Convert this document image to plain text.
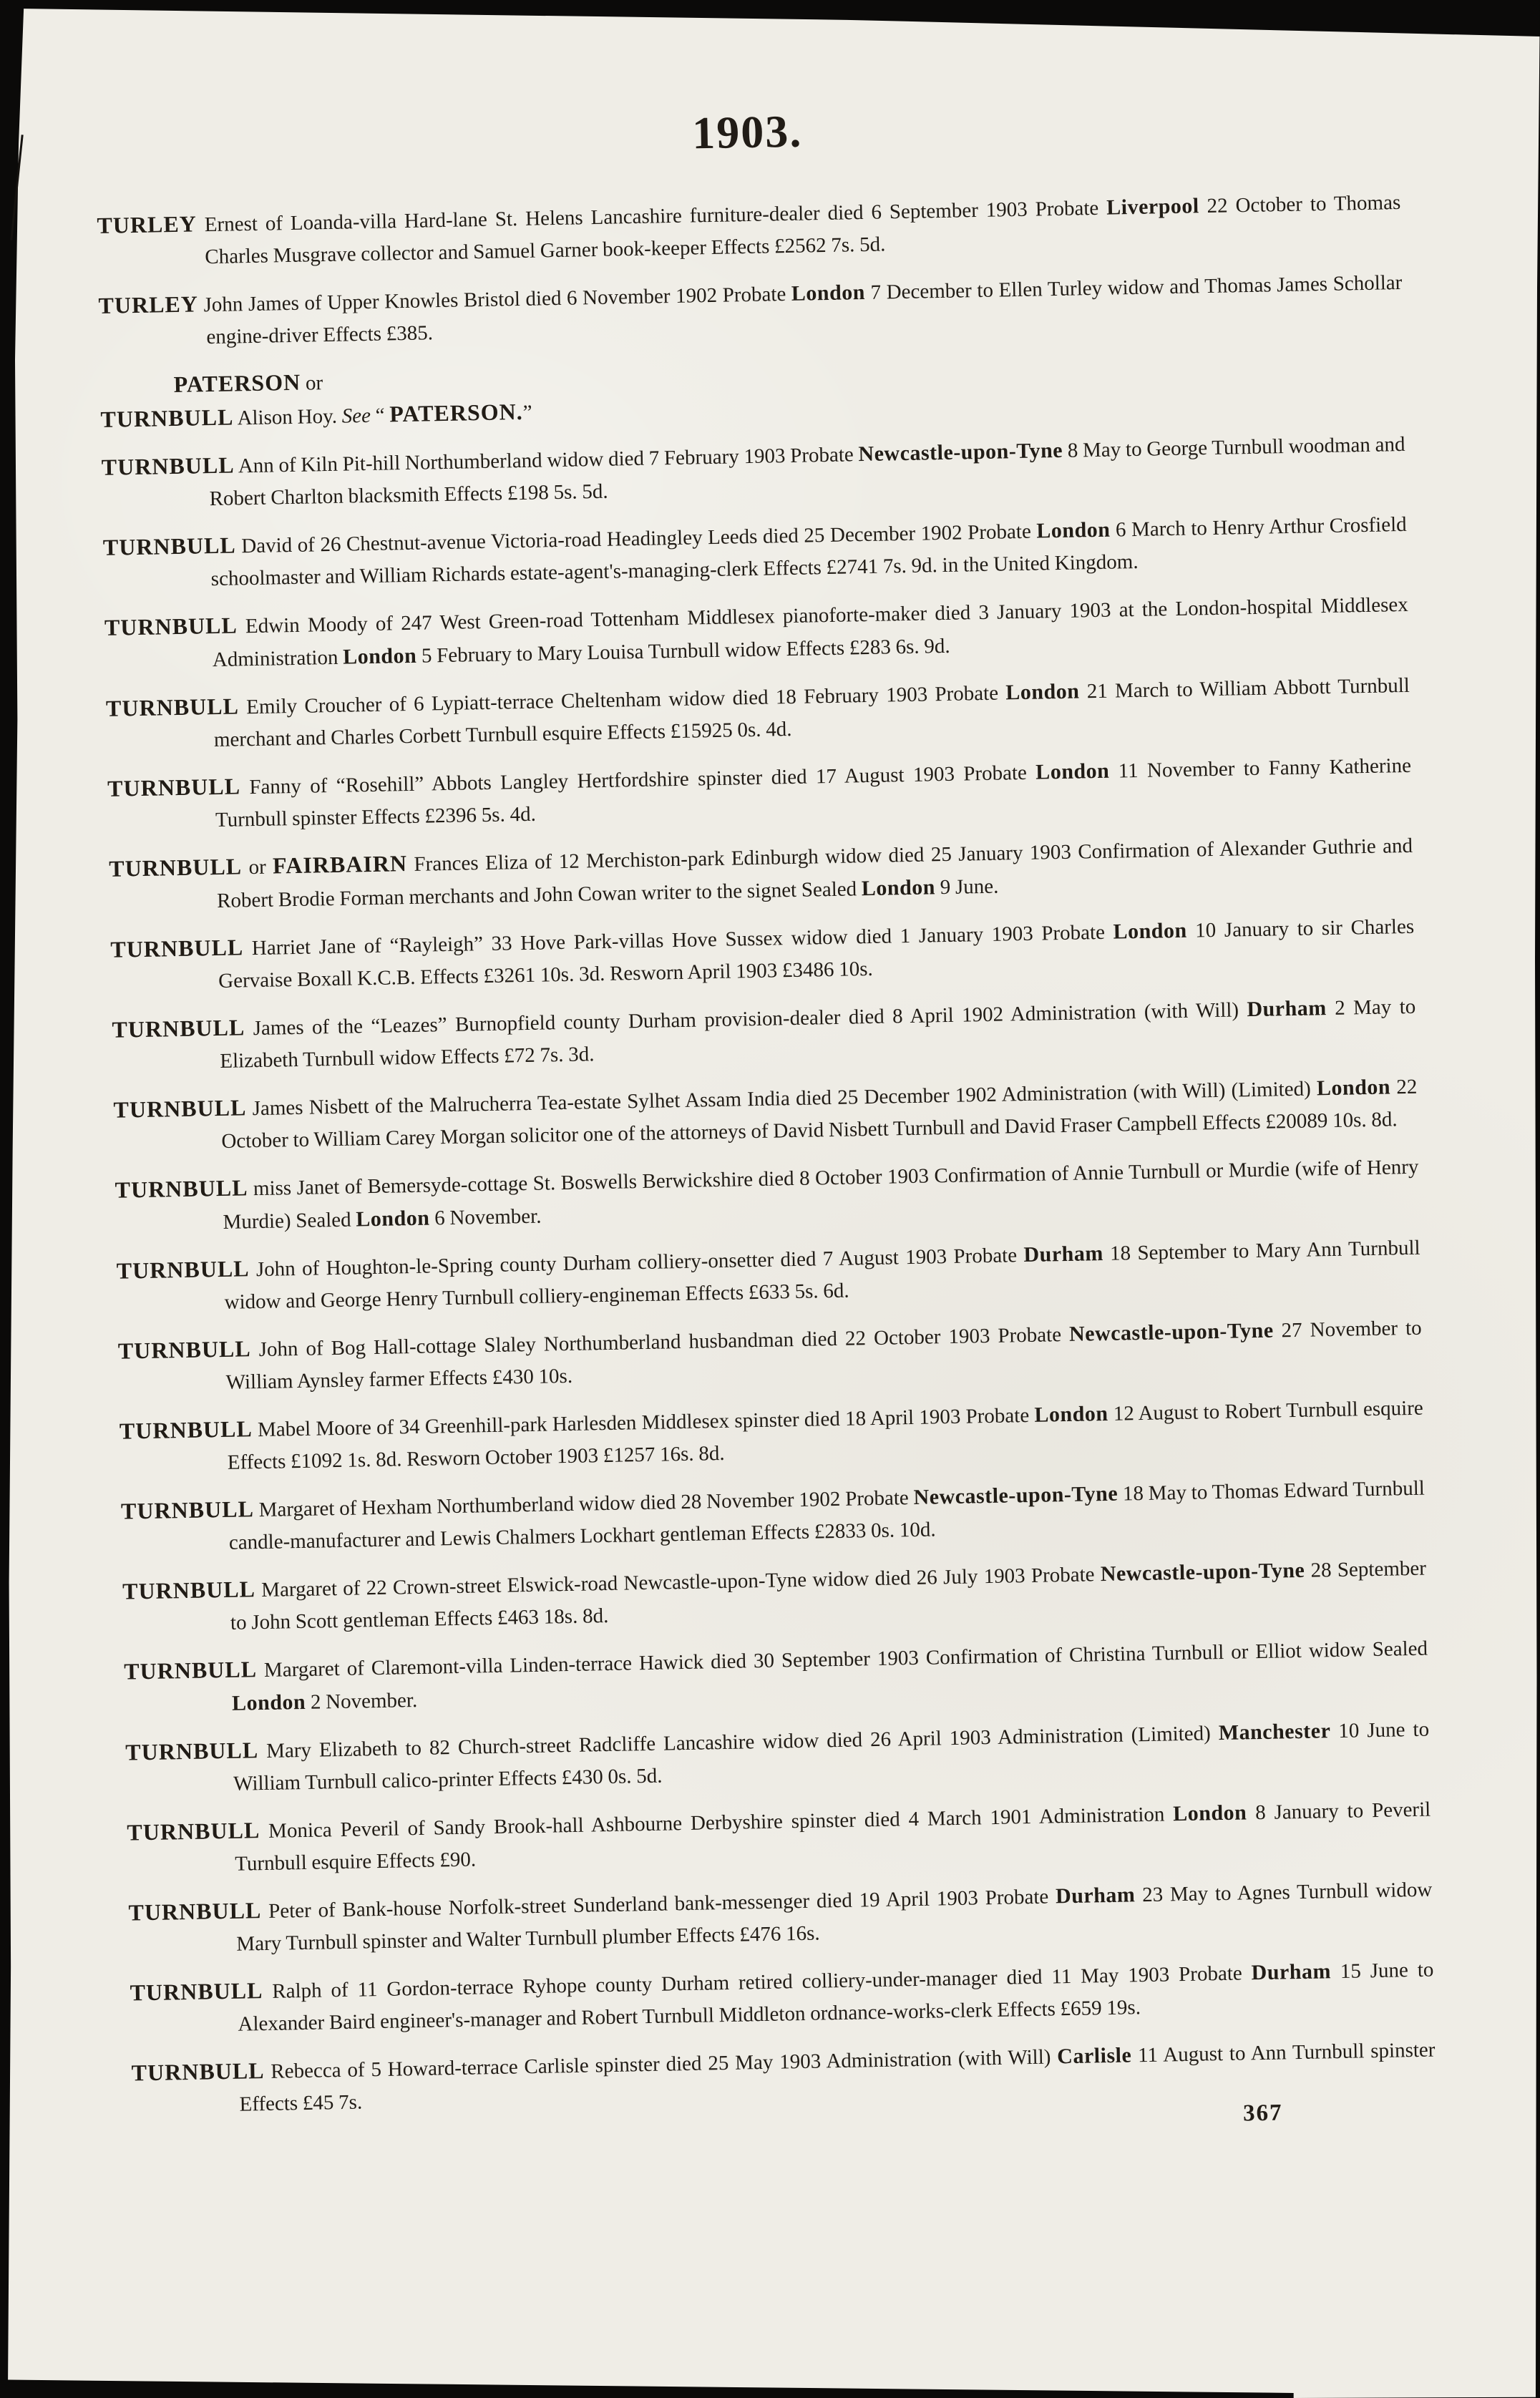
1903.
TURLEY Ernest of Loanda-villa Hard-lane St. Helens Lancashire furniture-dealer died 6 September 1903 Probate Liverpool 22 October to Thomas Charles Musgrave collector and Samuel Garner book-keeper Effects £2562 7s. 5d.
TURLEY John James of Upper Knowles Bristol died 6 November 1902 Probate London 7 December to Ellen Turley widow and Thomas James Schollar engine-driver Effects £385.
PATERSON or
TURNBULL Alison Hoy. See “ PATERSON.”
TURNBULL Ann of Kiln Pit-hill Northumberland widow died 7 February 1903 Probate Newcastle-upon-Tyne 8 May to George Turnbull woodman and Robert Charlton blacksmith Effects £198 5s. 5d.
TURNBULL David of 26 Chestnut-avenue Victoria-road Headingley Leeds died 25 December 1902 Probate London 6 March to Henry Arthur Crosfield schoolmaster and William Richards estate-agent's-managing-clerk Effects £2741 7s. 9d. in the United Kingdom.
TURNBULL Edwin Moody of 247 West Green-road Tottenham Middlesex pianoforte-maker died 3 January 1903 at the London-hospital Middlesex Administration London 5 February to Mary Louisa Turnbull widow Effects £283 6s. 9d.
TURNBULL Emily Croucher of 6 Lypiatt-terrace Cheltenham widow died 18 February 1903 Probate London 21 March to William Abbott Turnbull merchant and Charles Corbett Turnbull esquire Effects £15925 0s. 4d.
TURNBULL Fanny of “Rosehill” Abbots Langley Hertfordshire spinster died 17 August 1903 Probate London 11 November to Fanny Katherine Turnbull spinster Effects £2396 5s. 4d.
TURNBULL or FAIRBAIRN Frances Eliza of 12 Merchiston-park Edinburgh widow died 25 January 1903 Confirmation of Alexander Guthrie and Robert Brodie Forman merchants and John Cowan writer to the signet Sealed London 9 June.
TURNBULL Harriet Jane of “Rayleigh” 33 Hove Park-villas Hove Sussex widow died 1 January 1903 Probate London 10 January to sir Charles Gervaise Boxall K.C.B. Effects £3261 10s. 3d. Resworn April 1903 £3486 10s.
TURNBULL James of the “Leazes” Burnopfield county Durham provision-dealer died 8 April 1902 Administration (with Will) Durham 2 May to Elizabeth Turnbull widow Effects £72 7s. 3d.
TURNBULL James Nisbett of the Malrucherra Tea-estate Sylhet Assam India died 25 December 1902 Administration (with Will) (Limited) London 22 October to William Carey Morgan solicitor one of the attorneys of David Nisbett Turnbull and David Fraser Campbell Effects £20089 10s. 8d.
TURNBULL miss Janet of Bemersyde-cottage St. Boswells Berwickshire died 8 October 1903 Confirmation of Annie Turnbull or Murdie (wife of Henry Murdie) Sealed London 6 November.
TURNBULL John of Houghton-le-Spring county Durham colliery-onsetter died 7 August 1903 Probate Durham 18 September to Mary Ann Turnbull widow and George Henry Turnbull colliery-engineman Effects £633 5s. 6d.
TURNBULL John of Bog Hall-cottage Slaley Northumberland husbandman died 22 October 1903 Probate Newcastle-upon-Tyne 27 November to William Aynsley farmer Effects £430 10s.
TURNBULL Mabel Moore of 34 Greenhill-park Harlesden Middlesex spinster died 18 April 1903 Probate London 12 August to Robert Turnbull esquire Effects £1092 1s. 8d. Resworn October 1903 £1257 16s. 8d.
TURNBULL Margaret of Hexham Northumberland widow died 28 November 1902 Probate Newcastle-upon-Tyne 18 May to Thomas Edward Turnbull candle-manufacturer and Lewis Chalmers Lockhart gentleman Effects £2833 0s. 10d.
TURNBULL Margaret of 22 Crown-street Elswick-road Newcastle-upon-Tyne widow died 26 July 1903 Probate Newcastle-upon-Tyne 28 September to John Scott gentleman Effects £463 18s. 8d.
TURNBULL Margaret of Claremont-villa Linden-terrace Hawick died 30 September 1903 Confirmation of Christina Turnbull or Elliot widow Sealed London 2 November.
TURNBULL Mary Elizabeth to 82 Church-street Radcliffe Lancashire widow died 26 April 1903 Administration (Limited) Manchester 10 June to William Turnbull calico-printer Effects £430 0s. 5d.
TURNBULL Monica Peveril of Sandy Brook-hall Ashbourne Derbyshire spinster died 4 March 1901 Administration London 8 January to Peveril Turnbull esquire Effects £90.
TURNBULL Peter of Bank-house Norfolk-street Sunderland bank-messenger died 19 April 1903 Probate Durham 23 May to Agnes Turnbull widow Mary Turnbull spinster and Walter Turnbull plumber Effects £476 16s.
TURNBULL Ralph of 11 Gordon-terrace Ryhope county Durham retired colliery-under-manager died 11 May 1903 Probate Durham 15 June to Alexander Baird engineer's-manager and Robert Turnbull Middleton ordnance-works-clerk Effects £659 19s.
TURNBULL Rebecca of 5 Howard-terrace Carlisle spinster died 25 May 1903 Administration (with Will) Carlisle 11 August to Ann Turnbull spinster Effects £45 7s.	367
